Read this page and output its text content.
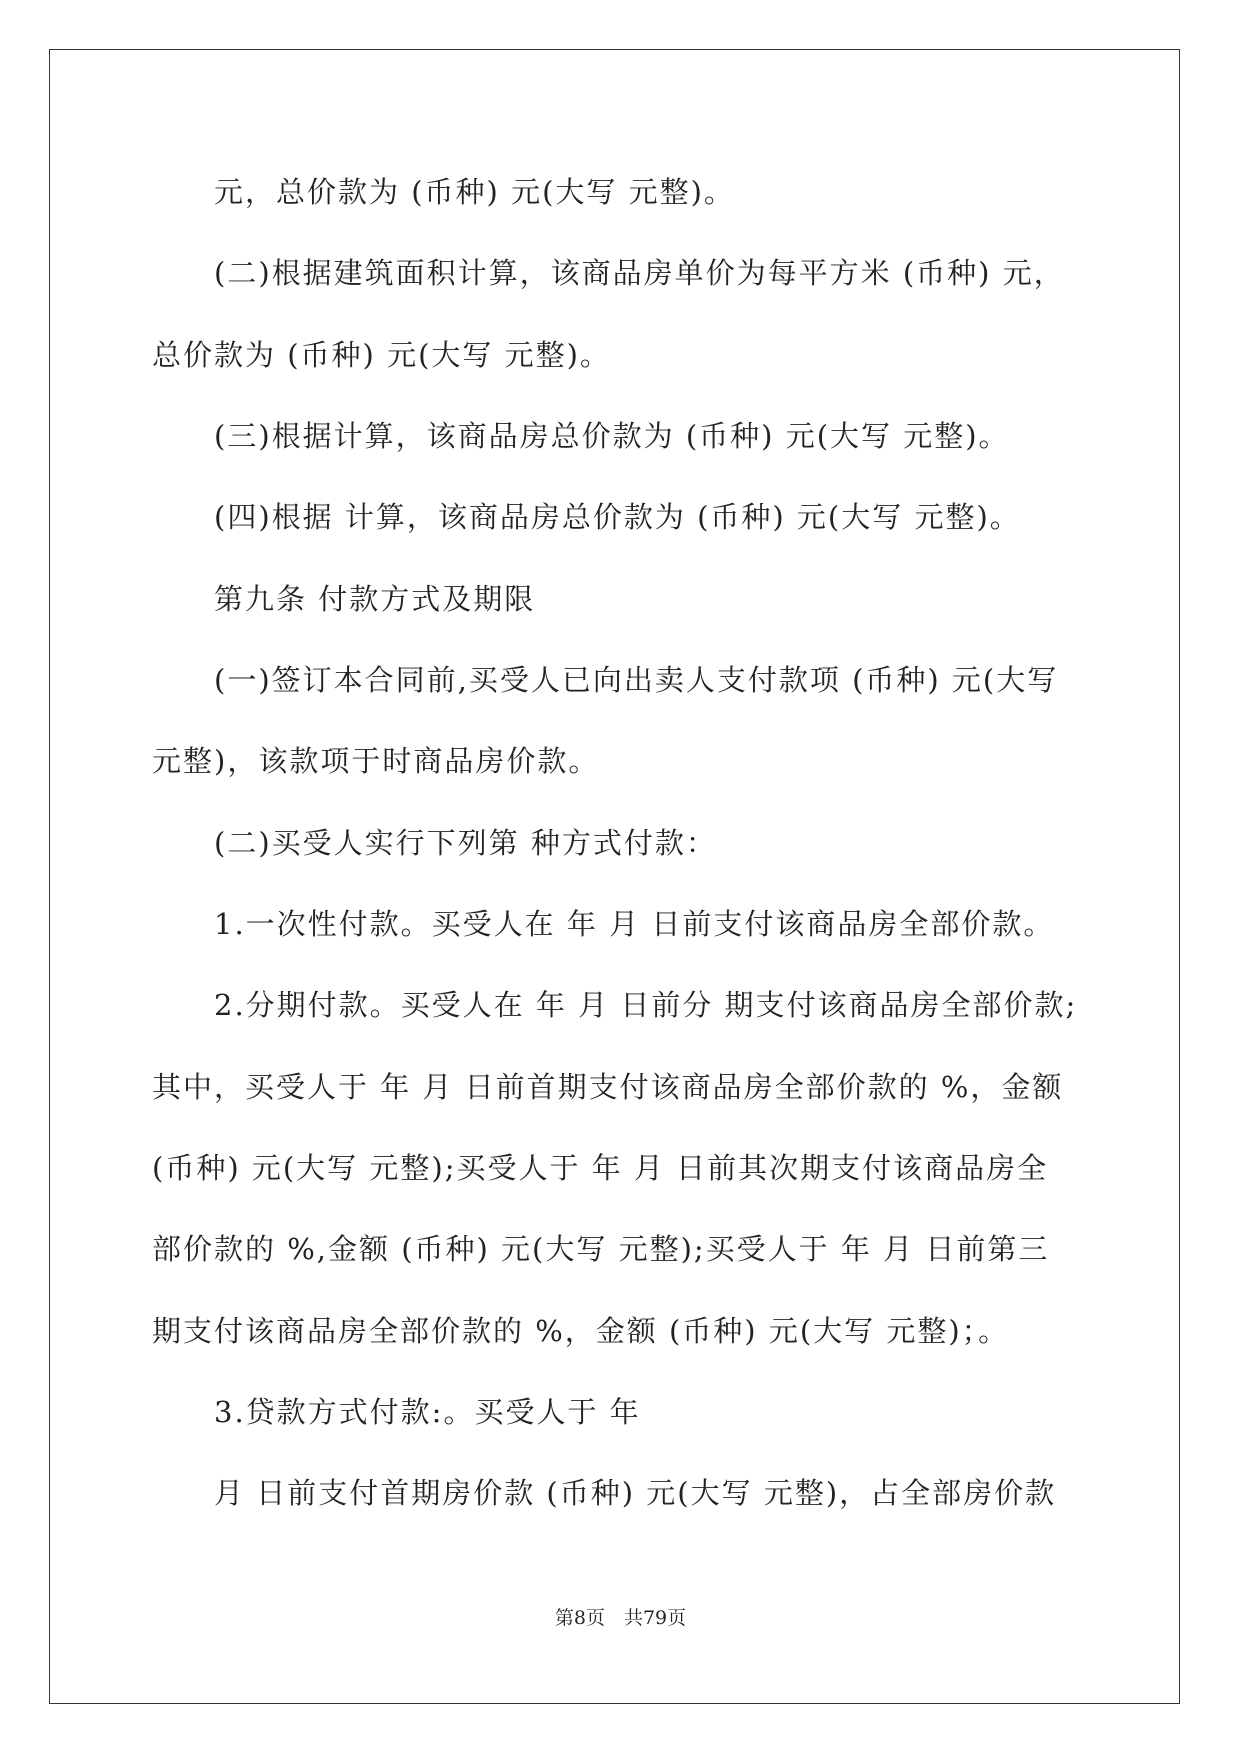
元，总价款为 (币种) 元(大写 元整)。
(二)根据建筑面积计算，该商品房单价为每平方米 (币种) 元，
总价款为 (币种) 元(大写 元整)。
(三)根据计算，该商品房总价款为 (币种) 元(大写 元整)。
(四)根据 计算，该商品房总价款为 (币种) 元(大写 元整)。
第九条 付款方式及期限
(一)签订本合同前,买受人已向出卖人支付款项 (币种) 元(大写
元整)，该款项于时商品房价款。
(二)买受人实行下列第 种方式付款：
1.一次性付款。买受人在 年 月 日前支付该商品房全部价款。
2.分期付款。买受人在 年 月 日前分 期支付该商品房全部价款;
其中，买受人于 年 月 日前首期支付该商品房全部价款的 %，金额
(币种) 元(大写 元整);买受人于 年 月 日前其次期支付该商品房全
部价款的 %,金额 (币种) 元(大写 元整);买受人于 年 月 日前第三
期支付该商品房全部价款的 %，金额 (币种) 元(大写 元整)；。
3.贷款方式付款:。买受人于 年
月 日前支付首期房价款 (币种) 元(大写 元整)，占全部房价款
第8页　共79页
